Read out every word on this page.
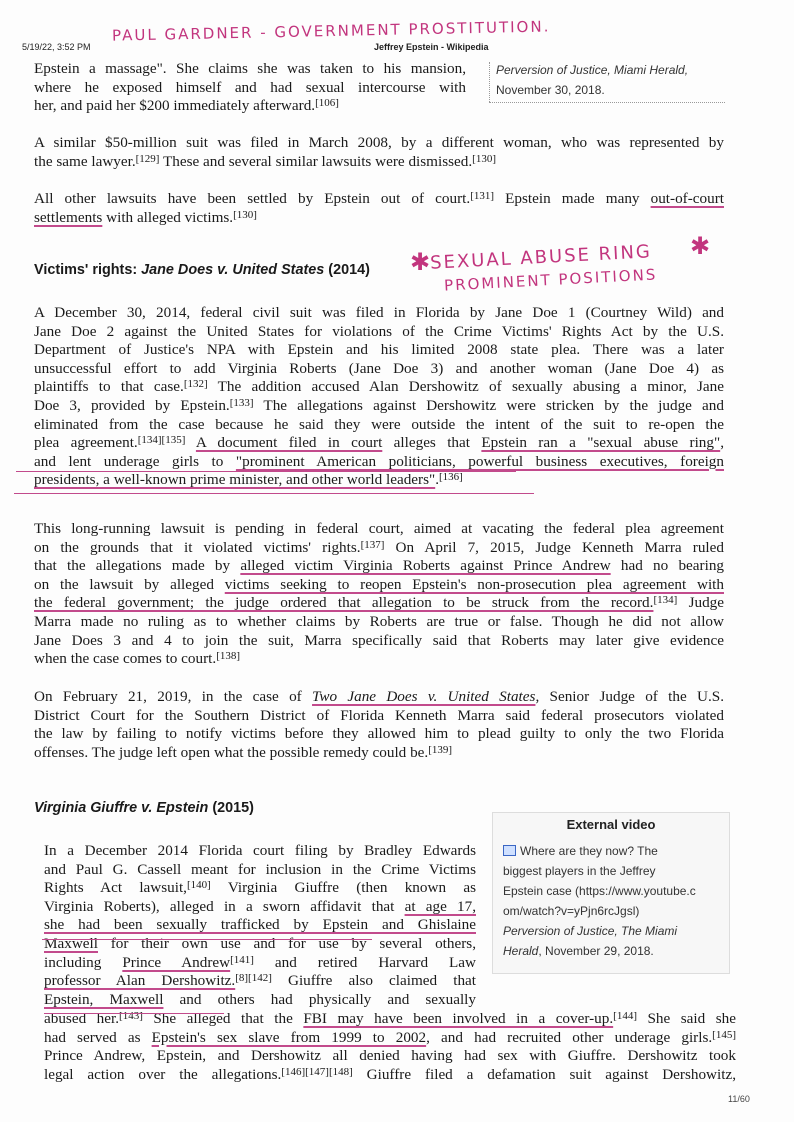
5/19/22, 3:52 PM	Jeffrey Epstein - Wikipedia
PAUL GARDNER - GOVERNMENT PROSTITUTION.
Epstein a massage". She claims she was taken to his mansion,
where he exposed himself and had sexual intercourse with
her, and paid her $200 immediately afterward.[106]
Perversion of Justice, Miami Herald,
November 30, 2018.
A similar $50-million suit was filed in March 2008, by a different woman, who was represented by
the same lawyer.[129] These and several similar lawsuits were dismissed.[130]
All other lawsuits have been settled by Epstein out of court.[131] Epstein made many out-of-court
settlements with alleged victims.[130]
Victims' rights: Jane Does v. United States (2014)	SEXUAL ABUSE RING
PROMINENT POSITIONS
✱
✱
A December 30, 2014, federal civil suit was filed in Florida by Jane Doe 1 (Courtney Wild) and
Jane Doe 2 against the United States for violations of the Crime Victims' Rights Act by the U.S.
Department of Justice's NPA with Epstein and his limited 2008 state plea. There was a later
unsuccessful effort to add Virginia Roberts (Jane Doe 3) and another woman (Jane Doe 4) as
plaintiffs to that case.[132] The addition accused Alan Dershowitz of sexually abusing a minor, Jane
Doe 3, provided by Epstein.[133] The allegations against Dershowitz were stricken by the judge and
eliminated from the case because he said they were outside the intent of the suit to re-open the
plea agreement.[134][135] A document filed in court alleges that Epstein ran a "sexual abuse ring",
and lent underage girls to "prominent American politicians, powerful business executives, foreign
presidents, a well-known prime minister, and other world leaders".[136]
This long-running lawsuit is pending in federal court, aimed at vacating the federal plea agreement
on the grounds that it violated victims' rights.[137] On April 7, 2015, Judge Kenneth Marra ruled
that the allegations made by alleged victim Virginia Roberts against Prince Andrew had no bearing
on the lawsuit by alleged victims seeking to reopen Epstein's non-prosecution plea agreement with
the federal government; the judge ordered that allegation to be struck from the record.[134] Judge
Marra made no ruling as to whether claims by Roberts are true or false. Though he did not allow
Jane Does 3 and 4 to join the suit, Marra specifically said that Roberts may later give evidence
when the case comes to court.[138]
On February 21, 2019, in the case of Two Jane Does v. United States, Senior Judge of the U.S.
District Court for the Southern District of Florida Kenneth Marra said federal prosecutors violated
the law by failing to notify victims before they allowed him to plead guilty to only the two Florida
offenses. The judge left open what the possible remedy could be.[139]
Virginia Giuffre v. Epstein (2015)
External video
Where are they now? The
biggest players in the Jeffrey
Epstein case (https://www.youtube.c
om/watch?v=yPjn6rcJgsl)
Perversion of Justice, The Miami
Herald, November 29, 2018.
In a December 2014 Florida court filing by Bradley Edwards
and Paul G. Cassell meant for inclusion in the Crime Victims
Rights Act lawsuit,[140] Virginia Giuffre (then known as
Virginia Roberts), alleged in a sworn affidavit that at age 17,
she had been sexually trafficked by Epstein and Ghislaine
Maxwell for their own use and for use by several others,
including Prince Andrew[141] and retired Harvard Law
professor Alan Dershowitz.[8][142] Giuffre also claimed that
Epstein, Maxwell and others had physically and sexually
abused her.[143] She alleged that the FBI may have been involved in a cover-up.[144] She said she
had served as Epstein's sex slave from 1999 to 2002, and had recruited other underage girls.[145]
Prince Andrew, Epstein, and Dershowitz all denied having had sex with Giuffre. Dershowitz took
legal action over the allegations.[146][147][148] Giuffre filed a defamation suit against Dershowitz,
11/60
